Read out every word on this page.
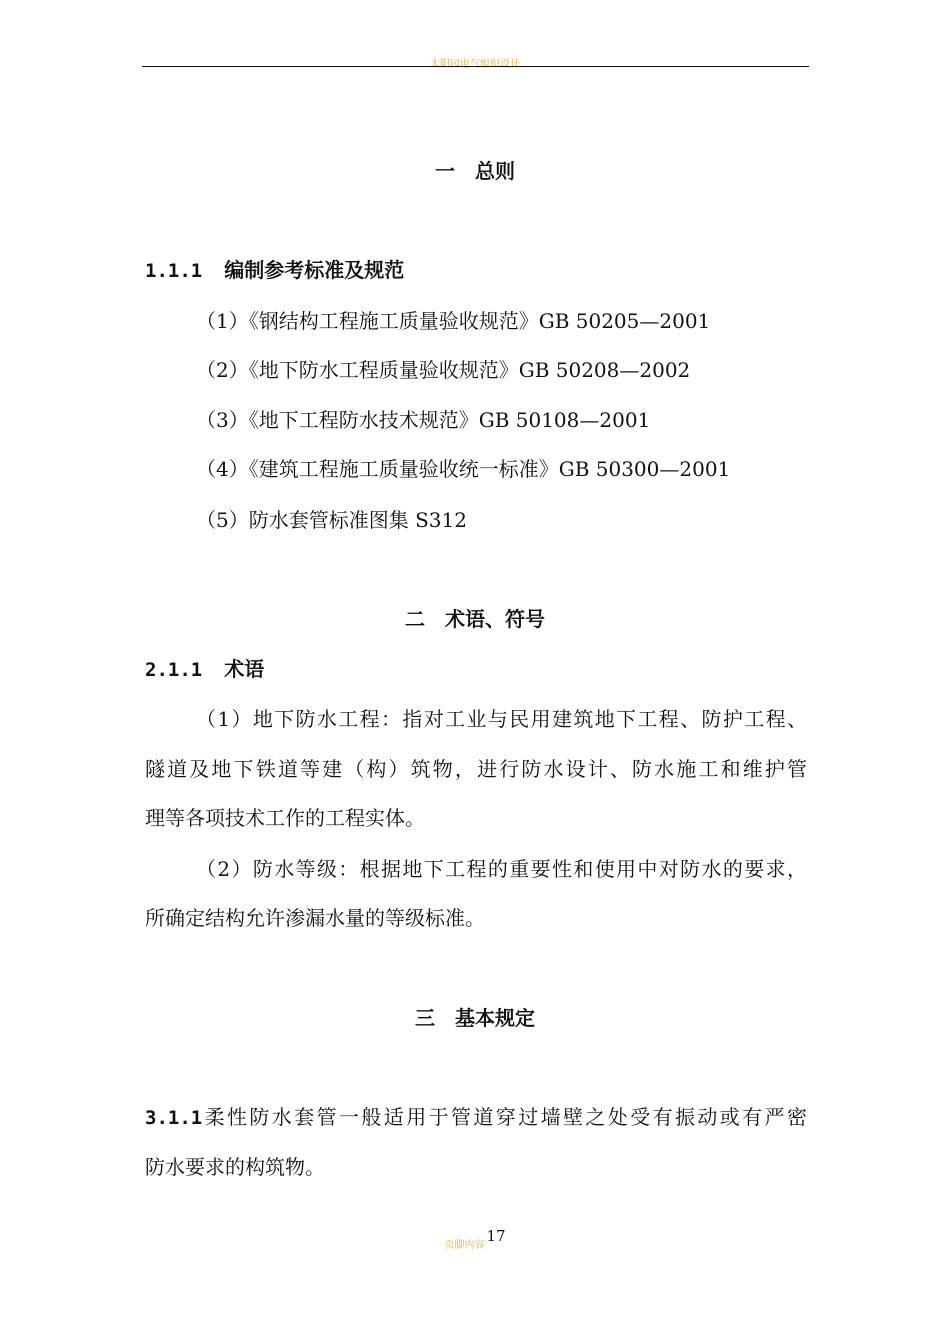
太阳园电气组织设计
一　总则
1.1.1 编制参考标准及规范
（1）《钢结构工程施工质量验收规范》GB 50205—2001
（2）《地下防水工程质量验收规范》GB 50208—2002
（3）《地下工程防水技术规范》GB 50108—2001
（4）《建筑工程施工质量验收统一标准》GB 50300—2001
（5）防水套管标准图集 S312
二　术语、符号
2.1.1 术语
（1）地下防水工程：指对工业与民用建筑地下工程、防护工程、
隧道及地下铁道等建（构）筑物，进行防水设计、防水施工和维护管
理等各项技术工作的工程实体。
（2）防水等级：根据地下工程的重要性和使用中对防水的要求，
所确定结构允许渗漏水量的等级标准。
三　基本规定
3.1.1柔性防水套管一般适用于管道穿过墙壁之处受有振动或有严密
防水要求的构筑物。
页脚内容17
